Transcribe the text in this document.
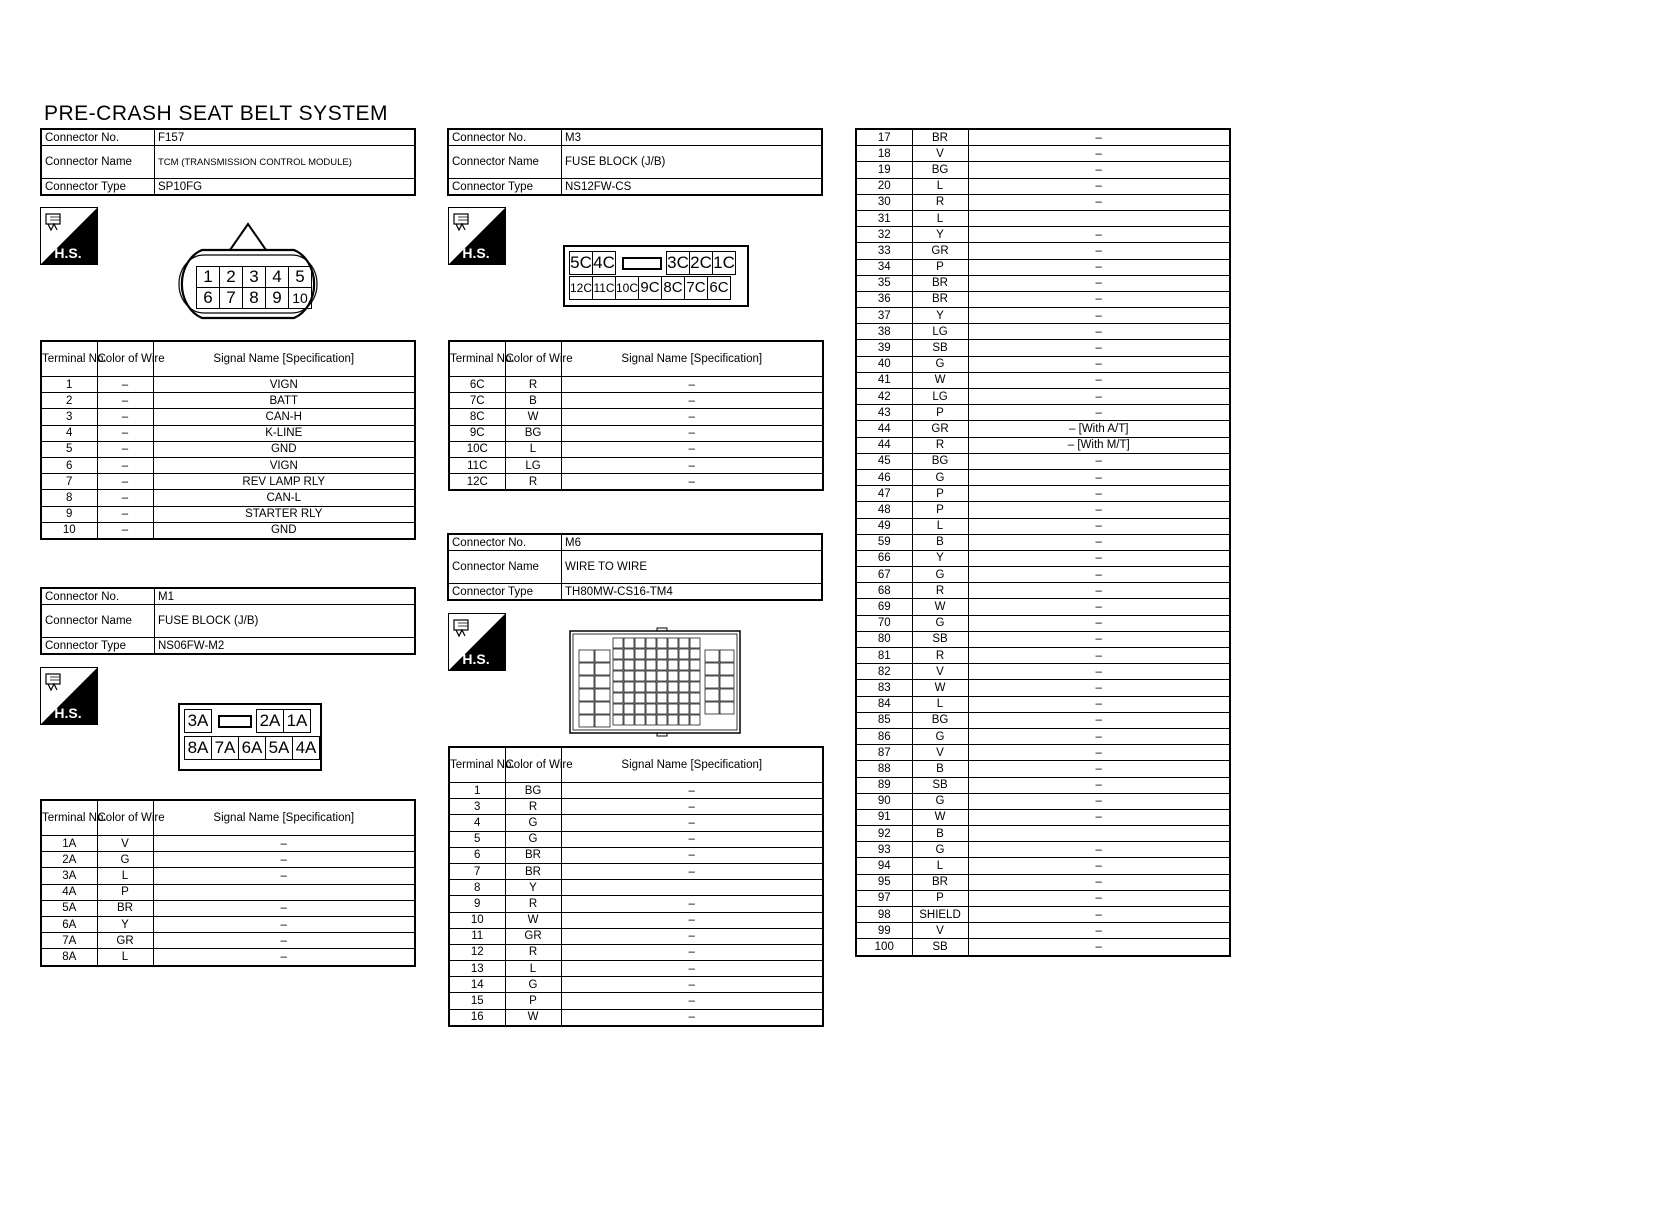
PRE-CRASH SEAT BELT SYSTEM
Connector No.	F157
Connector Name	TCM (TRANSMISSION CONTROL MODULE)
Connector Type	SP10FG
H.S.
1 2 3 4 5
6 7 8 9 10
Terminal No.	Color of Wire	Signal Name [Specification]
1	–	VIGN
2	–	BATT
3	–	CAN-H
4	–	K-LINE
5	–	GND
6	–	VIGN
7	–	REV LAMP RLY
8	–	CAN-L
9	–	STARTER RLY
10	–	GND
Connector No.	M1
Connector Name	FUSE BLOCK (J/B)
Connector Type	NS06FW-M2
H.S.	3A	2A 1A
8A 7A 6A 5A 4A
Terminal No.	Color of Wire	Signal Name [Specification]
1A	V	–
2A	G	–
3A	L	–
4A	P	
5A	BR	–
6A	Y	–
7A	GR	–
8A	L	–
Connector No.	M3
Connector Name	FUSE BLOCK (J/B)
Connector Type	NS12FW-CS
H.S.	5C 4C	3C 2C 1C
12C 11C 10C 9C 8C 7C 6C
Terminal No.	Color of Wire	Signal Name [Specification]
6C	R	–
7C	B	–
8C	W	–
9C	BG	–
10C	L	–
11C	LG	–
12C	R	–
Connector No.	M6
Connector Name	WIRE TO WIRE
Connector Type	TH80MW-CS16-TM4
H.S.
Terminal No.	Color of Wire	Signal Name [Specification]
1	BG	–
3	R	–
4	G	–
5	G	–
6	BR	–
7	BR	–
8	Y	
9	R	–
10	W	–
11	GR	–
12	R	–
13	L	–
14	G	–
15	P	–
16	W	–
17	BR	–
18	V	–
19	BG	–
20	L	–
30	R	–
31	L	
32	Y	–
33	GR	–
34	P	–
35	BR	–
36	BR	–
37	Y	–
38	LG	–
39	SB	–
40	G	–
41	W	–
42	LG	–
43	P	–
44	GR	– [With A/T]
44	R	– [With M/T]
45	BG	–
46	G	–
47	P	–
48	P	–
49	L	–
59	B	–
66	Y	–
67	G	–
68	R	–
69	W	–
70	G	–
80	SB	–
81	R	–
82	V	–
83	W	–
84	L	–
85	BG	–
86	G	–
87	V	–
88	B	–
89	SB	–
90	G	–
91	W	–
92	B	
93	G	–
94	L	–
95	BR	–
97	P	–
98	SHIELD	–
99	V	–
100	SB	–
